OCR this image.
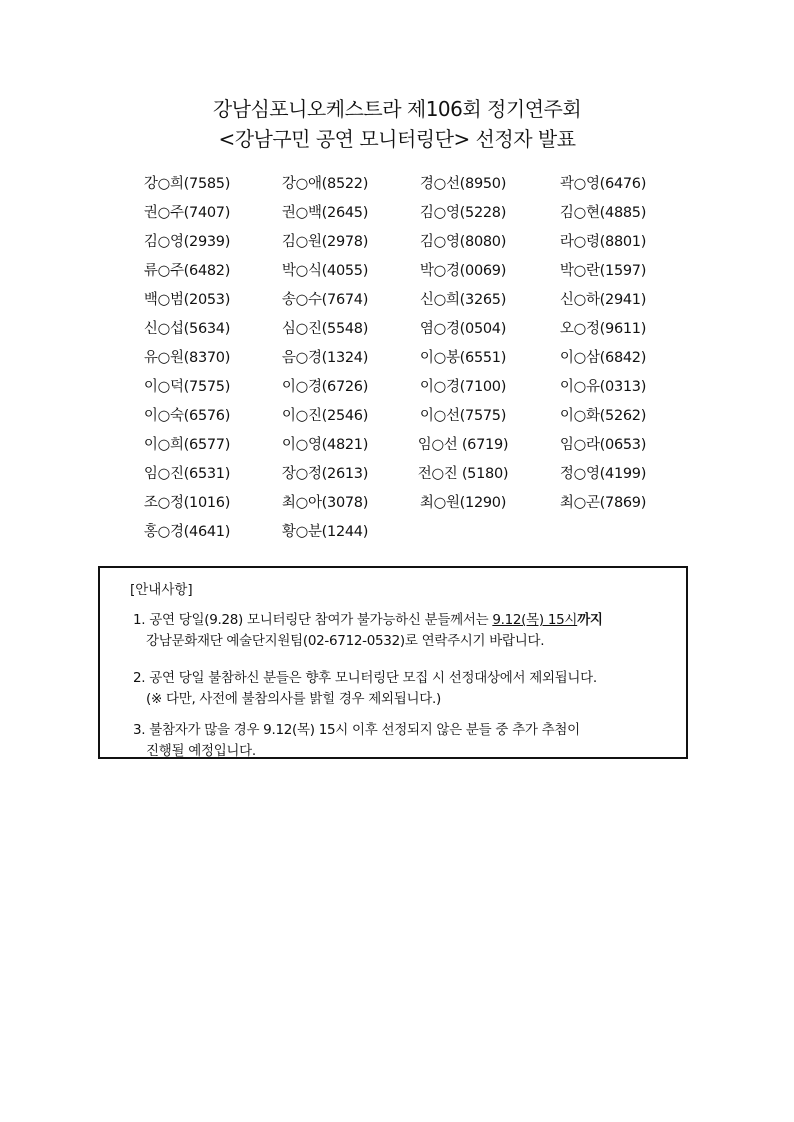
강남심포니오케스트라 제106회 정기연주회
<강남구민 공연 모니터링단> 선정자 발표
강○희(7585)	강○애(8522)	경○선(8950)	곽○영(6476)
권○주(7407)	권○백(2645)	김○영(5228)	김○현(4885)
김○영(2939)	김○원(2978)	김○영(8080)	라○령(8801)
류○주(6482)	박○식(4055)	박○경(0069)	박○란(1597)
백○범(2053)	송○수(7674)	신○희(3265)	신○하(2941)
신○섭(5634)	심○진(5548)	염○경(0504)	오○정(9611)
유○원(8370)	음○경(1324)	이○봉(6551)	이○삼(6842)
이○덕(7575)	이○경(6726)	이○경(7100)	이○유(0313)
이○숙(6576)	이○진(2546)	이○선(7575)	이○화(5262)
이○희(6577)	이○영(4821)	임○선 (6719)	임○라(0653)
임○진(6531)	장○정(2613)	전○진 (5180)	정○영(4199)
조○정(1016)	최○아(3078)	최○원(1290)	최○곤(7869)
홍○경(4641)	황○분(1244)
[안내사항]
1. 공연 당일(9.28) 모니터링단 참여가 불가능하신 분들께서는 9.12(목) 15시까지
강남문화재단 예술단지원팀(02-6712-0532)로 연락주시기 바랍니다.
2. 공연 당일 불참하신 분들은 향후 모니터링단 모집 시 선정대상에서 제외됩니다.
(※ 다만, 사전에 불참의사를 밝힐 경우 제외됩니다.)
3. 불참자가 많을 경우 9.12(목) 15시 이후 선정되지 않은 분들 중 추가 추첨이
진행될 예정입니다.
